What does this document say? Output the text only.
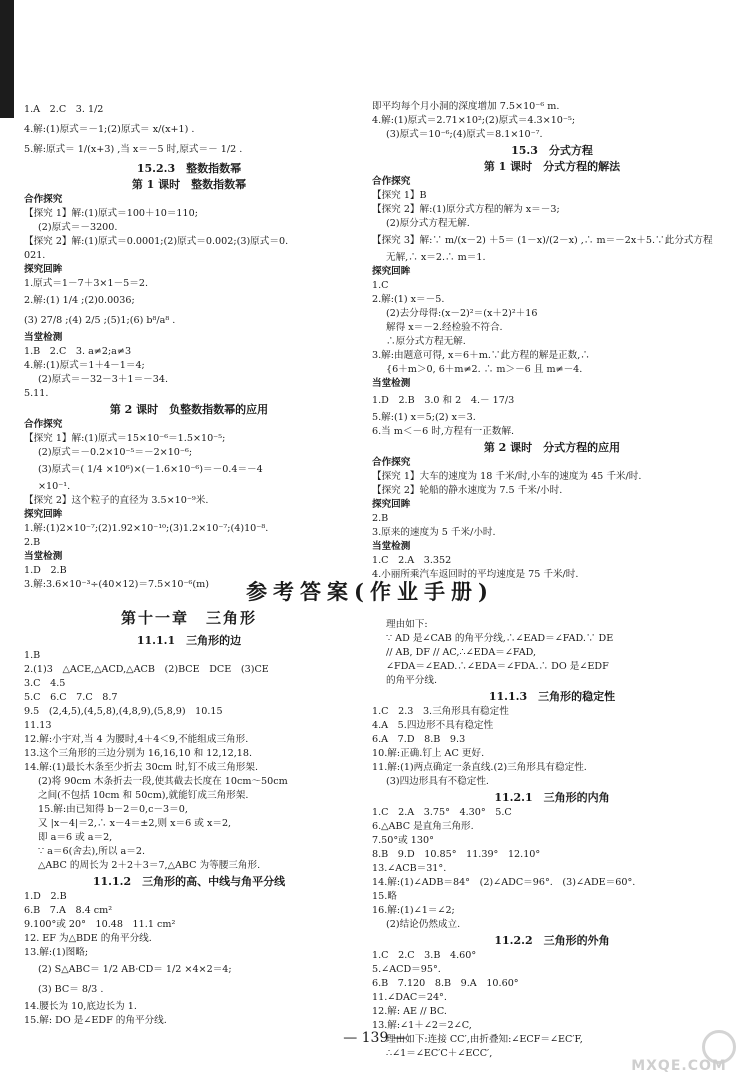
1.A　2.C　3. 1/2
4.解:(1)原式＝－1;(2)原式＝ x/(x+1) .
5.解:原式＝ 1/(x+3) ,当 x＝－5 时,原式＝－ 1/2 .
15.2.3　整数指数幂
第 1 课时　整数指数幂
合作探究
【探究 1】解:(1)原式＝100＋10＝110;
(2)原式＝－3200.
【探究 2】解:(1)原式＝0.0001;(2)原式＝0.002;(3)原式＝0.
021.
探究回眸
1.原式＝1－7＋3×1－5＝2.
2.解:(1) 1/4 ;(2)0.0036;
(3) 27/8 ;(4) 2/5 ;(5)1;(6) b⁸/a⁸ .
当堂检测
1.B　2.C　3. a≠2;a≠3
4.解:(1)原式＝1＋4－1＝4;
(2)原式＝－32－3＋1＝－34.
5.11.
第 2 课时　负整数指数幂的应用
合作探究
【探究 1】解:(1)原式＝15×10⁻⁶＝1.5×10⁻⁵;
(2)原式＝－0.2×10⁻⁵＝－2×10⁻⁶;
(3)原式＝( 1/4 ×10⁶)×(－1.6×10⁻⁶)＝－0.4＝－4
×10⁻¹.
【探究 2】这个粒子的直径为 3.5×10⁻⁹米.
探究回眸
1.解:(1)2×10⁻⁷;(2)1.92×10⁻¹⁰;(3)1.2×10⁻⁷;(4)10⁻⁸.
2.B
当堂检测
1.D　2.B
3.解:3.6×10⁻³÷(40×12)＝7.5×10⁻⁶(m)
即平均每个月小洞的深度增加 7.5×10⁻⁶ m.
4.解:(1)原式＝2.71×10²;(2)原式＝4.3×10⁻⁵;
(3)原式＝10⁻⁶;(4)原式＝8.1×10⁻⁷.
15.3　分式方程
第 1 课时　分式方程的解法
合作探究
【探究 1】B
【探究 2】解:(1)原分式方程的解为 x＝－3;
(2)原分式方程无解.
【探究 3】解:∵ m/(x－2) ＋5＝ (1－x)/(2－x) ,∴ m＝－2x＋5.∵此分式方程
无解,∴ x＝2.∴ m＝1.
探究回眸
1.C
2.解:(1) x＝－5.
(2)去分母得:(x－2)²＝(x＋2)²＋16
解得 x＝－2.经检验不符合.
∴原分式方程无解.
3.解:由题意可得, x＝6＋m.∵此方程的解是正数,∴
{6＋m＞0, 6＋m≠2. ∴ m＞－6 且 m≠－4.
当堂检测
1.D　2.B　3.0 和 2　4.－ 17/3
5.解:(1) x＝5;(2) x＝3.
6.当 m＜－6 时,方程有一正数解.
第 2 课时　分式方程的应用
合作探究
【探究 1】大车的速度为 18 千米/时,小车的速度为 45 千米/时.
【探究 2】轮船的静水速度为 7.5 千米/小时.
探究回眸
2.B
3.原来的速度为 5 千米/小时.
当堂检测
1.C　2.A　3.352
4.小丽所乘汽车返回时的平均速度是 75 千米/时.
参考答案(作业手册)
第十一章　三角形
11.1.1　三角形的边
1.B
2.(1)3　△ACE,△ACD,△ACB　(2)BCE　DCE　(3)CE
3.C　4.5
5.C　6.C　7.C　8.7
9.5　(2,4,5),(4,5,8),(4,8,9),(5,8,9)　10.15
11.13
12.解:小宇对,当 4 为腰时,4＋4＜9,不能组成三角形.
13.这个三角形的三边分别为 16,16,10 和 12,12,18.
14.解:(1)最长木条至少折去 30cm 时,钉不成三角形架.
(2)将 90cm 木条折去一段,使其截去长度在 10cm～50cm
之间(不包括 10cm 和 50cm),就能钉成三角形架.
15.解:由已知得 b－2＝0,c－3＝0,
又 |x－4|＝2,∴ x－4＝±2,则 x＝6 或 x＝2,
即 a＝6 或 a＝2,
∵ a＝6(舍去),所以 a＝2.
△ABC 的周长为 2＋2＋3＝7,△ABC 为等腰三角形.
11.1.2　三角形的高、中线与角平分线
1.D　2.B
6.B　7.A　8.4 cm²
9.100°或 20°　10.48　11.1 cm²
12. EF 为△BDE 的角平分线.
13.解:(1)图略;
(2) S△ABC＝ 1/2 AB·CD＝ 1/2 ×4×2＝4;
(3) BC＝ 8/3 .
14.腰长为 10,底边长为 1.
15.解: DO 是∠EDF 的角平分线.
理由如下:
∵ AD 是∠CAB 的角平分线,∴∠EAD＝∠FAD.∵ DE
// AB, DF // AC,∴∠EDA＝∠FAD,
∠FDA＝∠EAD.∴∠EDA＝∠FDA.∴ DO 是∠EDF
的角平分线.
11.1.3　三角形的稳定性
1.C　2.3　3.三角形具有稳定性
4.A　5.四边形不具有稳定性
6.A　7.D　8.B　9.3
10.解:正确.钉上 AC 更好.
11.解:(1)两点确定一条直线.(2)三角形具有稳定性.
(3)四边形具有不稳定性.
11.2.1　三角形的内角
1.C　2.A　3.75°　4.30°　5.C
6.△ABC 是直角三角形.
7.50°或 130°
8.B　9.D　10.85°　11.39°　12.10°
13.∠ACB＝31°.
14.解:(1)∠ADB＝84°　(2)∠ADC＝96°.　(3)∠ADE＝60°.
15.略
16.解:(1)∠1＝∠2;
(2)结论仍然成立.
11.2.2　三角形的外角
1.C　2.C　3.B　4.60°
5.∠ACD＝95°.
6.B　7.120　8.B　9.A　10.60°
11.∠DAC＝24°.
12.解: AE // BC.
13.解:∠1＋∠2＝2∠C,
理由如下:连接 CC′,由折叠知:∠ECF＝∠EC′F,
∴∠1＝∠EC′C＋∠ECC′,
— 139 —
MXQE.COM
